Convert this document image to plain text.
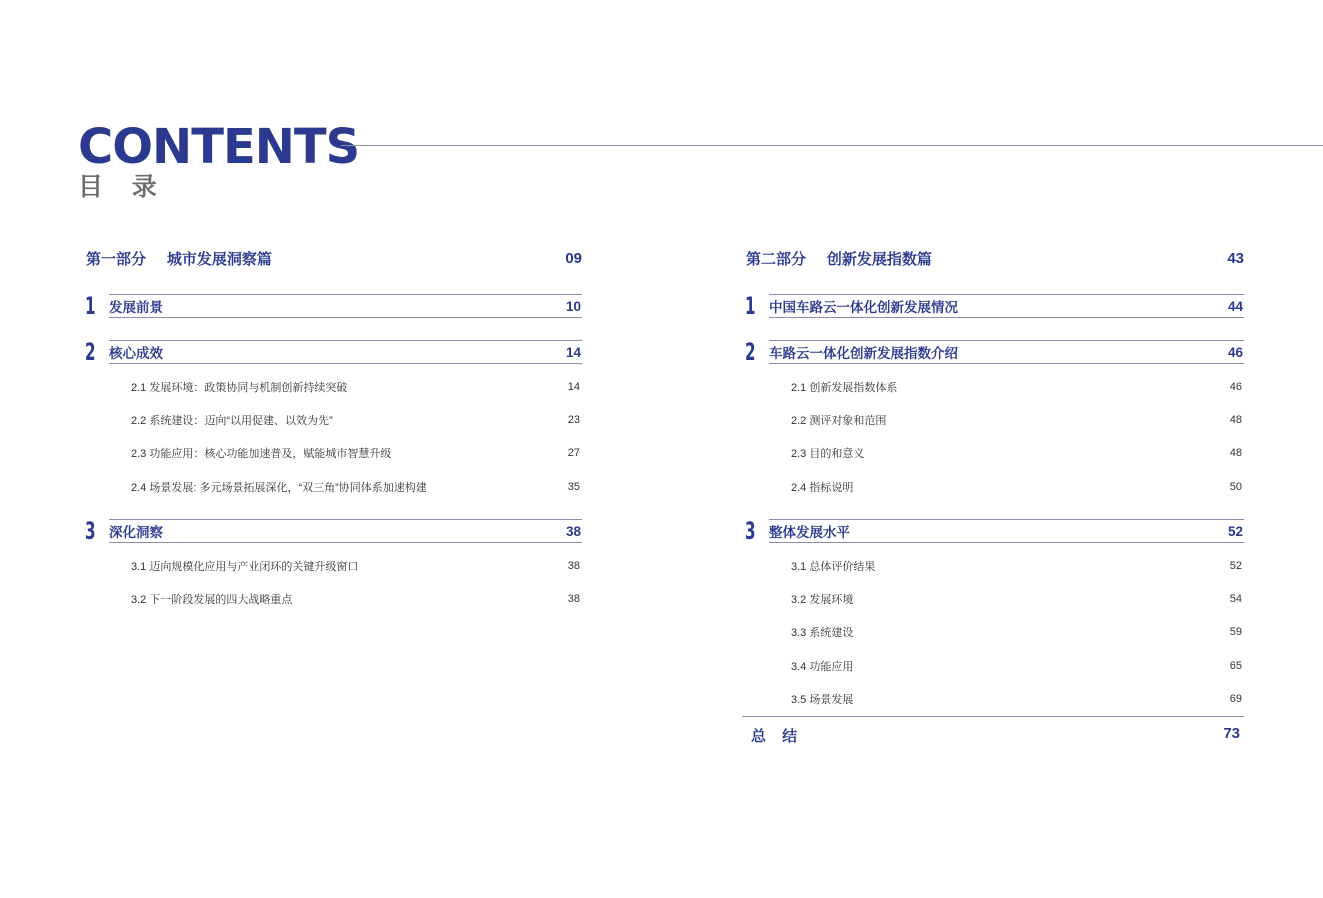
CONTENTS
目 录
第一部分     城市发展洞察篇	09
1 发展前景	10
2 核心成效	14
2.1 发展环境：政策协同与机制创新持续突破	14
2.2 系统建设：迈向“以用促建、以效为先”	23
2.3 功能应用：核心功能加速普及，赋能城市智慧升级	27
2.4 场景发展: 多元场景拓展深化，“双三角”协同体系加速构建	35
3 深化洞察	38
3.1 迈向规模化应用与产业闭环的关键升级窗口	38
3.2 下一阶段发展的四大战略重点	38
第二部分     创新发展指数篇	43
1 中国车路云一体化创新发展情况	44
2 车路云一体化创新发展指数介绍	46
2.1 创新发展指数体系	46
2.2 测评对象和范围	48
2.3 目的和意义	48
2.4 指标说明	50
3 整体发展水平	52
3.1 总体评价结果	52
3.2 发展环境	54
3.3 系统建设	59
3.4 功能应用	65
3.5 场景发展	69
总 结	73
